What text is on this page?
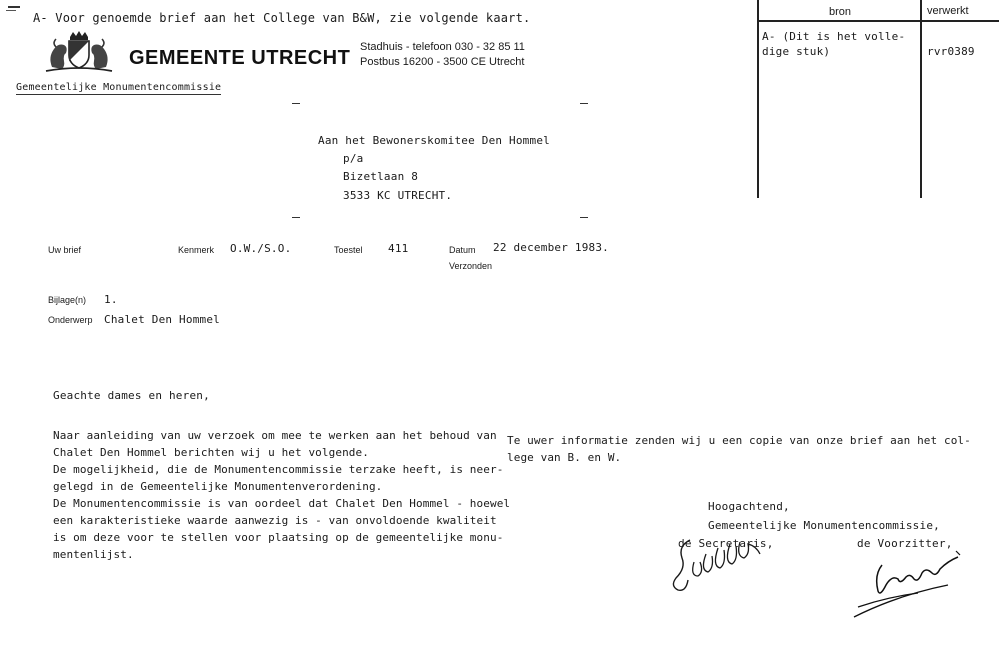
A- Voor genoemde brief aan het College van B&W, zie volgende kaart.
GEMEENTE UTRECHT Stadhuis - telefoon 030 - 32 85 11
Postbus 16200 - 3500 CE Utrecht
Gemeentelijke Monumentencommissie
bron	verwerkt
A- (Dit is het volle-
dige stuk)	rvr0389
Aan het Bewonerskomitee Den Hommel
p/a
Bizetlaan 8
3533 KC UTRECHT.
Uw brief	Kenmerk O.W./S.O.	Toestel 411	Datum 22 december 1983.
Verzonden
Bijlage(n) 1.
Onderwerp Chalet Den Hommel
Geachte dames en heren,
Naar aanleiding van uw verzoek om mee te werken aan het behoud van
Chalet Den Hommel berichten wij u het volgende.
De mogelijkheid, die de Monumentencommissie terzake heeft, is neer-
gelegd in de Gemeentelijke Monumentenverordening.
De Monumentencommissie is van oordeel dat Chalet Den Hommel - hoewel
een karakteristieke waarde aanwezig is - van onvoldoende kwaliteit
is om deze voor te stellen voor plaatsing op de gemeentelijke monu-
mentenlijst.
Te uwer informatie zenden wij u een copie van onze brief aan het col-
lege van B. en W.
Hoogachtend,
Gemeentelijke Monumentencommissie,
de Secretaris,	de Voorzitter,
